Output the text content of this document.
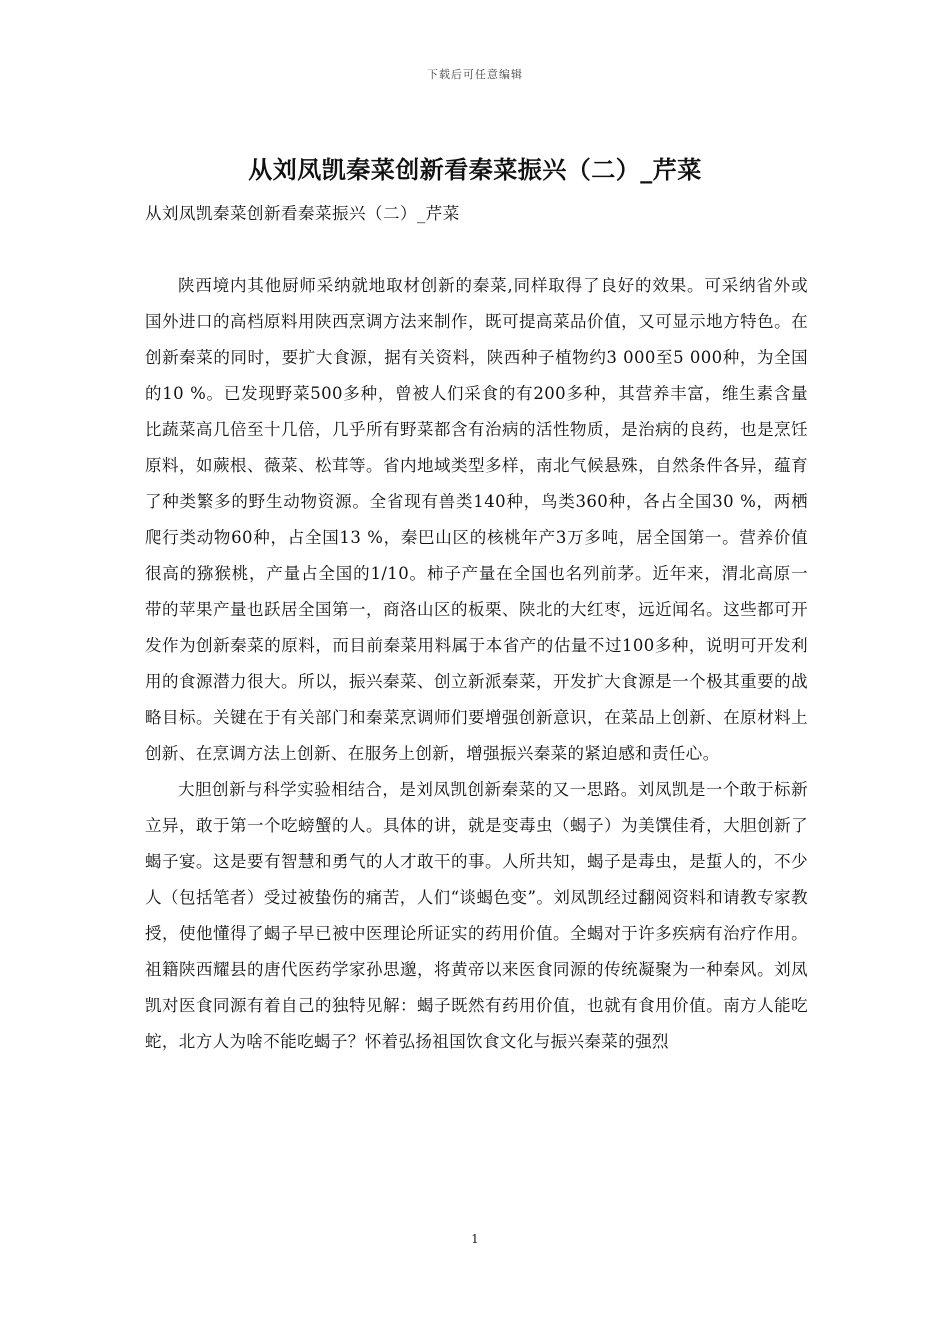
下载后可任意编辑
从刘凤凯秦菜创新看秦菜振兴（二）_芹菜
从刘凤凯秦菜创新看秦菜振兴（二）_芹菜

陕西境内其他厨师采纳就地取材创新的秦菜,同样取得了良好的效果。可采纳省外或国外进口的高档原料用陕西烹调方法来制作，既可提高菜品价值，又可显示地方特色。在创新秦菜的同时，要扩大食源，据有关资料，陕西种子植物约3 000至5 000种，为全国的10 %。已发现野菜500多种，曾被人们采食的有200多种，其营养丰富，维生素含量比蔬菜高几倍至十几倍，几乎所有野菜都含有治病的活性物质，是治病的良药，也是烹饪原料，如蕨根、薇菜、松茸等。省内地域类型多样，南北气候悬殊，自然条件各异，蕴育了种类繁多的野生动物资源。全省现有兽类140种，鸟类360种，各占全国30 %，两栖爬行类动物60种，占全国13 %，秦巴山区的核桃年产3万多吨，居全国第一。营养价值很高的猕猴桃，产量占全国的1/10。柿子产量在全国也名列前茅。近年来，渭北高原一带的苹果产量也跃居全国第一，商洛山区的板栗、陕北的大红枣，远近闻名。这些都可开发作为创新秦菜的原料，而目前秦菜用料属于本省产的估量不过100多种，说明可开发利用的食源潜力很大。所以，振兴秦菜、创立新派秦菜，开发扩大食源是一个极其重要的战略目标。关键在于有关部门和秦菜烹调师们要增强创新意识，在菜品上创新、在原材料上创新、在烹调方法上创新、在服务上创新，增强振兴秦菜的紧迫感和责任心。

大胆创新与科学实验相结合，是刘凤凯创新秦菜的又一思路。刘凤凯是一个敢于标新立异，敢于第一个吃螃蟹的人。具体的讲，就是变毒虫（蝎子）为美馔佳肴，大胆创新了蝎子宴。这是要有智慧和勇气的人才敢干的事。人所共知，蝎子是毒虫，是蜇人的，不少人（包括笔者）受过被蛰伤的痛苦，人们“谈蝎色变”。刘凤凯经过翻阅资料和请教专家教授，使他懂得了蝎子早已被中医理论所证实的药用价值。全蝎对于许多疾病有治疗作用。祖籍陕西耀县的唐代医药学家孙思邈，将黄帝以来医食同源的传统凝聚为一种秦风。刘凤凯对医食同源有着自己的独特见解：蝎子既然有药用价值，也就有食用价值。南方人能吃蛇，北方人为啥不能吃蝎子？怀着弘扬祖国饮食文化与振兴秦菜的强烈

1
